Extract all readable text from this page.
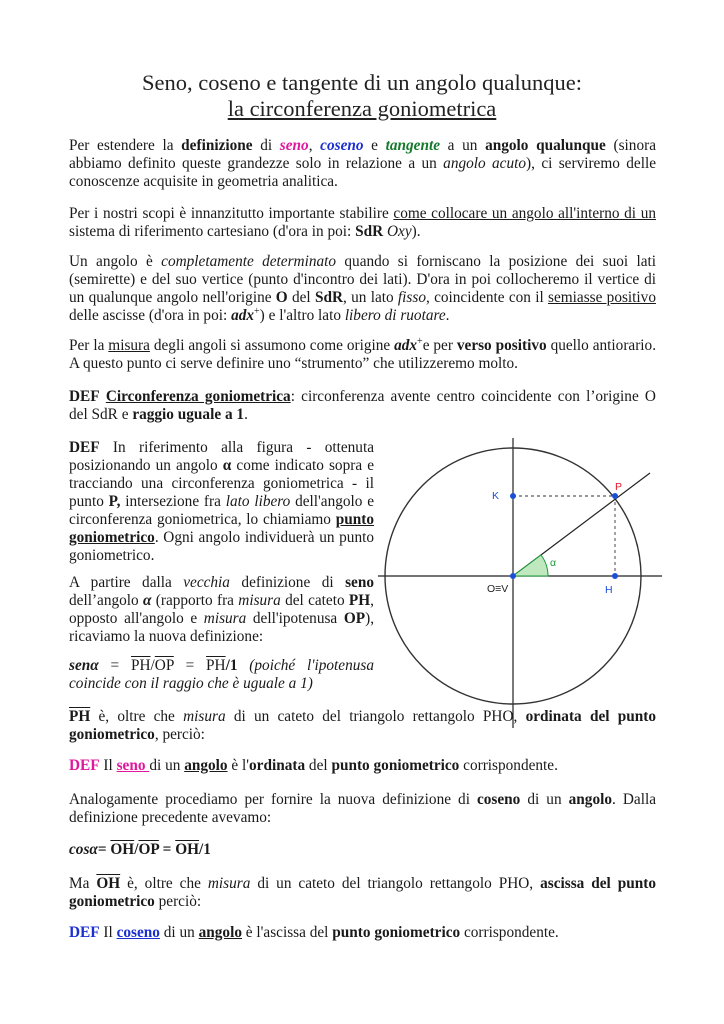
Seno, coseno e tangente di un angolo qualunque:
la circonferenza goniometrica

Per estendere la definizione di seno, coseno e tangente a un angolo qualunque (sinora abbiamo definito queste grandezze solo in relazione a un angolo acuto), ci serviremo delle conoscenze acquisite in geometria analitica.

Per i nostri scopi è innanzitutto importante stabilire come collocare un angolo all'interno di un sistema di riferimento cartesiano (d'ora in poi: SdR Oxy).

Un angolo è completamente determinato quando si forniscano la posizione dei suoi lati (semirette) e del suo vertice (punto d'incontro dei lati). D'ora in poi collocheremo il vertice di un qualunque angolo nell'origine O del SdR, un lato fisso, coincidente con il semiasse positivo delle ascisse (d'ora in poi: adx+) e l'altro lato libero di ruotare.

Per la misura degli angoli si assumono come origine adx+e per verso positivo quello antiorario. A questo punto ci serve definire uno “strumento” che utilizzeremo molto.

DEF Circonferenza goniometrica: circonferenza avente centro coincidente con l’origine O del SdR e raggio uguale a 1.

DEF In riferimento alla figura - ottenuta posizionando un angolo α come indicato sopra e tracciando una circonferenza goniometrica - il punto P, intersezione fra lato libero dell'angolo e circonferenza goniometrica, lo chiamiamo punto goniometrico. Ogni angolo individuerà un punto goniometrico.

A partire dalla vecchia definizione di seno dell’angolo α (rapporto fra misura del cateto PH, opposto all'angolo e misura dell'ipotenusa OP), ricaviamo la nuova definizione:

$sen\alpha = \overline{PH}/\overline{OP} = \overline{PH}/1$ (poiché l'ipotenusa coincide con il raggio che è uguale a 1)

$\overline{PH}$ è, oltre che misura di un cateto del triangolo rettangolo PHO, ordinata del punto goniometrico, perciò:

DEF Il seno di un angolo è l'ordinata del punto goniometrico corrispondente.

Analogamente procediamo per fornire la nuova definizione di coseno di un angolo. Dalla definizione precedente avevamo:

$\cos\alpha= \overline{OH}/\overline{OP} = \overline{OH}/1$

Ma $\overline{OH}$ è, oltre che misura di un cateto del triangolo rettangolo PHO, ascissa del punto goniometrico perciò:

DEF Il coseno di un angolo è l'ascissa del punto goniometrico corrispondente.

K
P
α
O≡V	H
